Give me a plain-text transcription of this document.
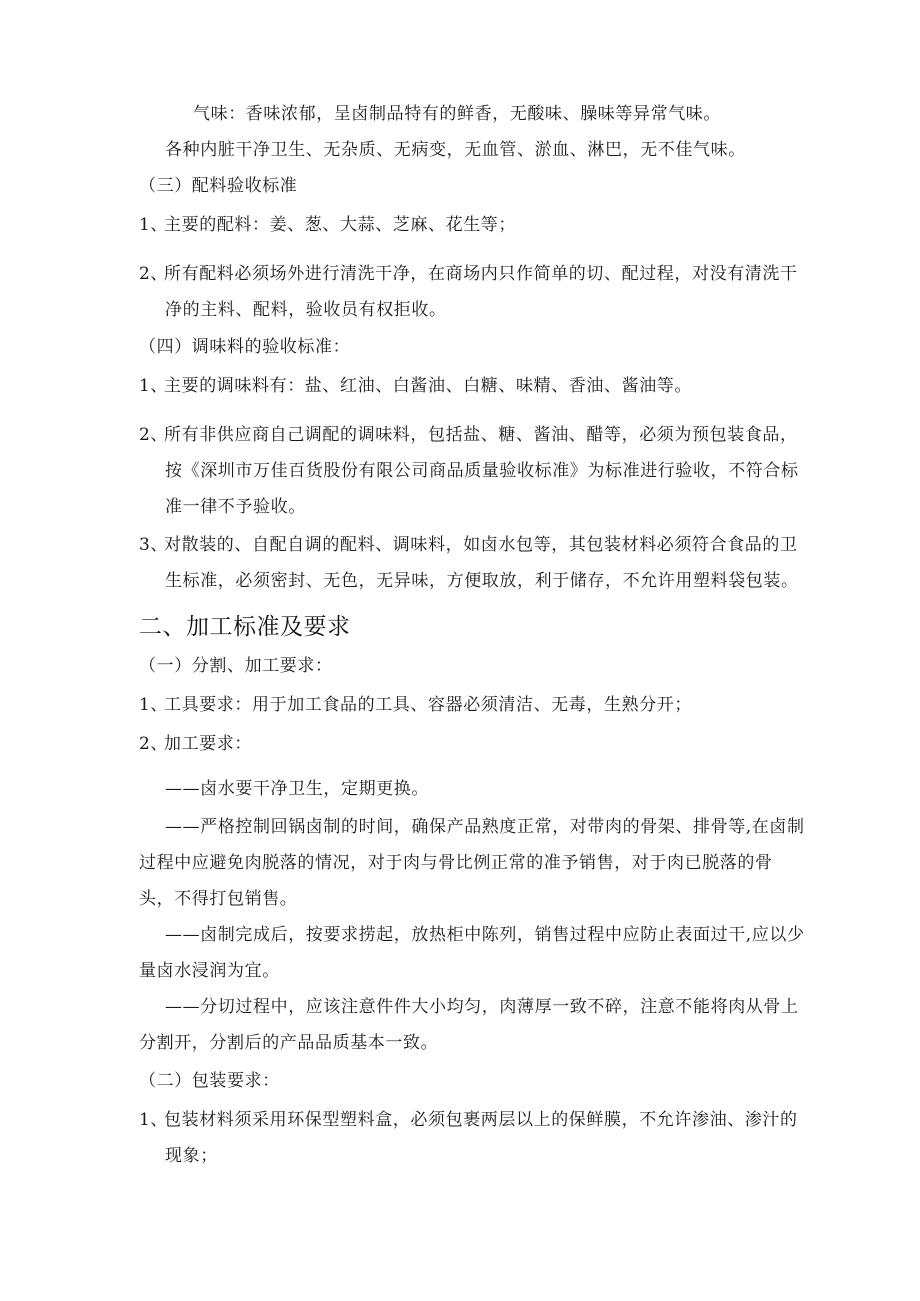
气味：香味浓郁，呈卤制品特有的鲜香，无酸味、臊味等异常气味。
各种内脏干净卫生、无杂质、无病变，无血管、淤血、淋巴，无不佳气味。
（三）配料验收标准
1、主要的配料：姜、葱、大蒜、芝麻、花生等；
2、所有配料必须场外进行清洗干净，在商场内只作简单的切、配过程，对没有清洗干
净的主料、配料，验收员有权拒收。
（四）调味料的验收标准：
1、主要的调味料有：盐、红油、白酱油、白糖、味精、香油、酱油等。
2、所有非供应商自己调配的调味料，包括盐、糖、酱油、醋等，必须为预包装食品，
按《深圳市万佳百货股份有限公司商品质量验收标准》为标准进行验收，不符合标
准一律不予验收。
3、对散装的、自配自调的配料、调味料，如卤水包等，其包装材料必须符合食品的卫
生标准，必须密封、无色，无异味，方便取放，利于储存，不允许用塑料袋包装。
二、加工标准及要求
（一）分割、加工要求：
1、工具要求：用于加工食品的工具、容器必须清洁、无毒，生熟分开；
2、加工要求：
——卤水要干净卫生，定期更换。
——严格控制回锅卤制的时间，确保产品熟度正常，对带肉的骨架、排骨等,在卤制
过程中应避免肉脱落的情况，对于肉与骨比例正常的准予销售，对于肉已脱落的骨
头，不得打包销售。
——卤制完成后，按要求捞起，放热柜中陈列，销售过程中应防止表面过干,应以少
量卤水浸润为宜。
——分切过程中，应该注意件件大小均匀，肉薄厚一致不碎，注意不能将肉从骨上
分割开，分割后的产品品质基本一致。
（二）包装要求：
1、包装材料须采用环保型塑料盒，必须包裹两层以上的保鲜膜，不允许渗油、渗汁的
现象；
